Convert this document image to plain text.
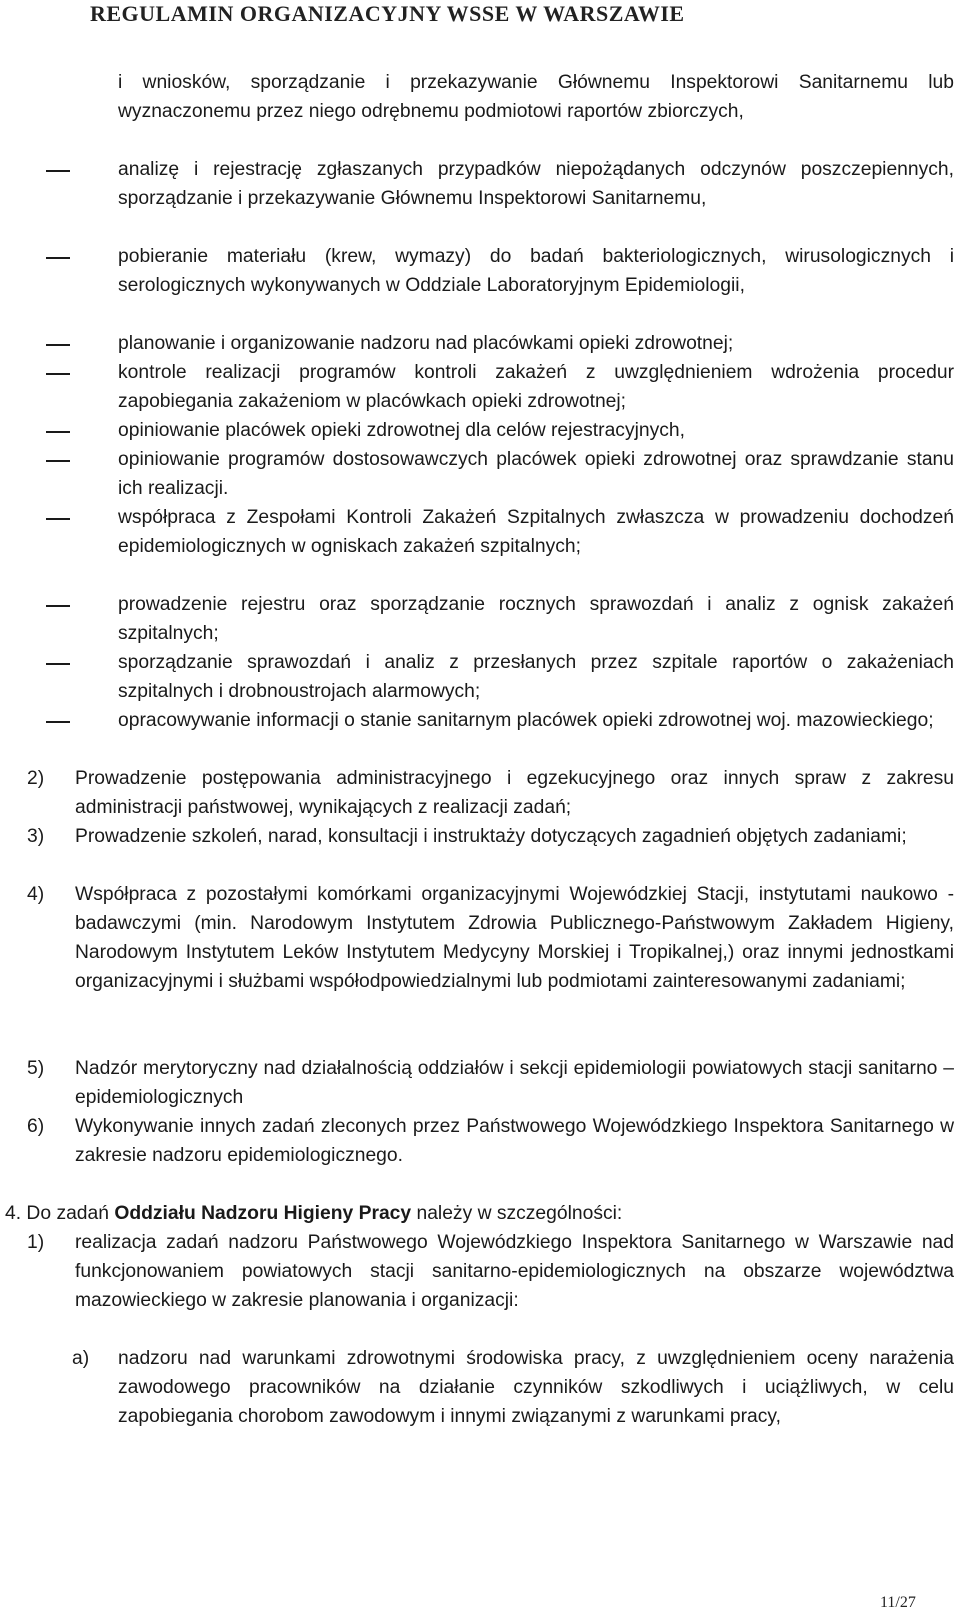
REGULAMIN ORGANIZACYJNY WSSE W WARSZAWIE
i wniosków, sporządzanie i przekazywanie Głównemu Inspektorowi Sanitarnemu lub wyznaczonemu przez niego odrębnemu podmiotowi raportów zbiorczych,
analizę i rejestrację zgłaszanych przypadków niepożądanych odczynów poszczepiennych, sporządzanie i przekazywanie Głównemu Inspektorowi Sanitarnemu,
pobieranie materiału (krew, wymazy) do badań bakteriologicznych, wirusologicznych i serologicznych wykonywanych w Oddziale Laboratoryjnym Epidemiologii,
planowanie i organizowanie nadzoru nad placówkami opieki zdrowotnej;
kontrole realizacji programów kontroli zakażeń z uwzględnieniem wdrożenia procedur zapobiegania zakażeniom w placówkach opieki zdrowotnej;
opiniowanie placówek opieki zdrowotnej dla celów rejestracyjnych,
opiniowanie programów dostosowawczych placówek opieki zdrowotnej oraz sprawdzanie stanu ich realizacji.
współpraca z Zespołami Kontroli Zakażeń Szpitalnych zwłaszcza w prowadzeniu dochodzeń epidemiologicznych w ogniskach zakażeń szpitalnych;
prowadzenie rejestru oraz sporządzanie rocznych sprawozdań i analiz z ognisk zakażeń szpitalnych;
sporządzanie sprawozdań i analiz z przesłanych przez szpitale raportów o zakażeniach szpitalnych i drobnoustrojach alarmowych;
opracowywanie informacji o stanie sanitarnym placówek opieki zdrowotnej woj. mazowieckiego;
2) Prowadzenie postępowania administracyjnego i egzekucyjnego oraz innych spraw z zakresu administracji państwowej, wynikających z realizacji zadań;
3) Prowadzenie szkoleń, narad, konsultacji i instruktaży dotyczących zagadnień objętych zadaniami;
4) Współpraca z pozostałymi komórkami organizacyjnymi Wojewódzkiej Stacji, instytutami naukowo - badawczymi (min. Narodowym Instytutem Zdrowia Publicznego-Państwowym Zakładem Higieny, Narodowym Instytutem Leków Instytutem Medycyny Morskiej i Tropikalnej,) oraz innymi jednostkami organizacyjnymi i służbami współodpowiedzialnymi lub podmiotami zainteresowanymi zadaniami;
5) Nadzór merytoryczny nad działalnością oddziałów i sekcji epidemiologii powiatowych stacji sanitarno – epidemiologicznych
6) Wykonywanie innych zadań zleconych przez Państwowego Wojewódzkiego Inspektora Sanitarnego w zakresie nadzoru epidemiologicznego.
4. Do zadań Oddziału Nadzoru Higieny Pracy należy w szczególności:
1) realizacja zadań nadzoru Państwowego Wojewódzkiego Inspektora Sanitarnego w Warszawie nad funkcjonowaniem powiatowych stacji sanitarno-epidemiologicznych na obszarze województwa mazowieckiego w zakresie planowania i organizacji:
a) nadzoru nad warunkami zdrowotnymi środowiska pracy, z uwzględnieniem oceny narażenia zawodowego pracowników na działanie czynników szkodliwych i uciążliwych, w celu zapobiegania chorobom zawodowym i innymi związanymi z warunkami pracy,
11/27
